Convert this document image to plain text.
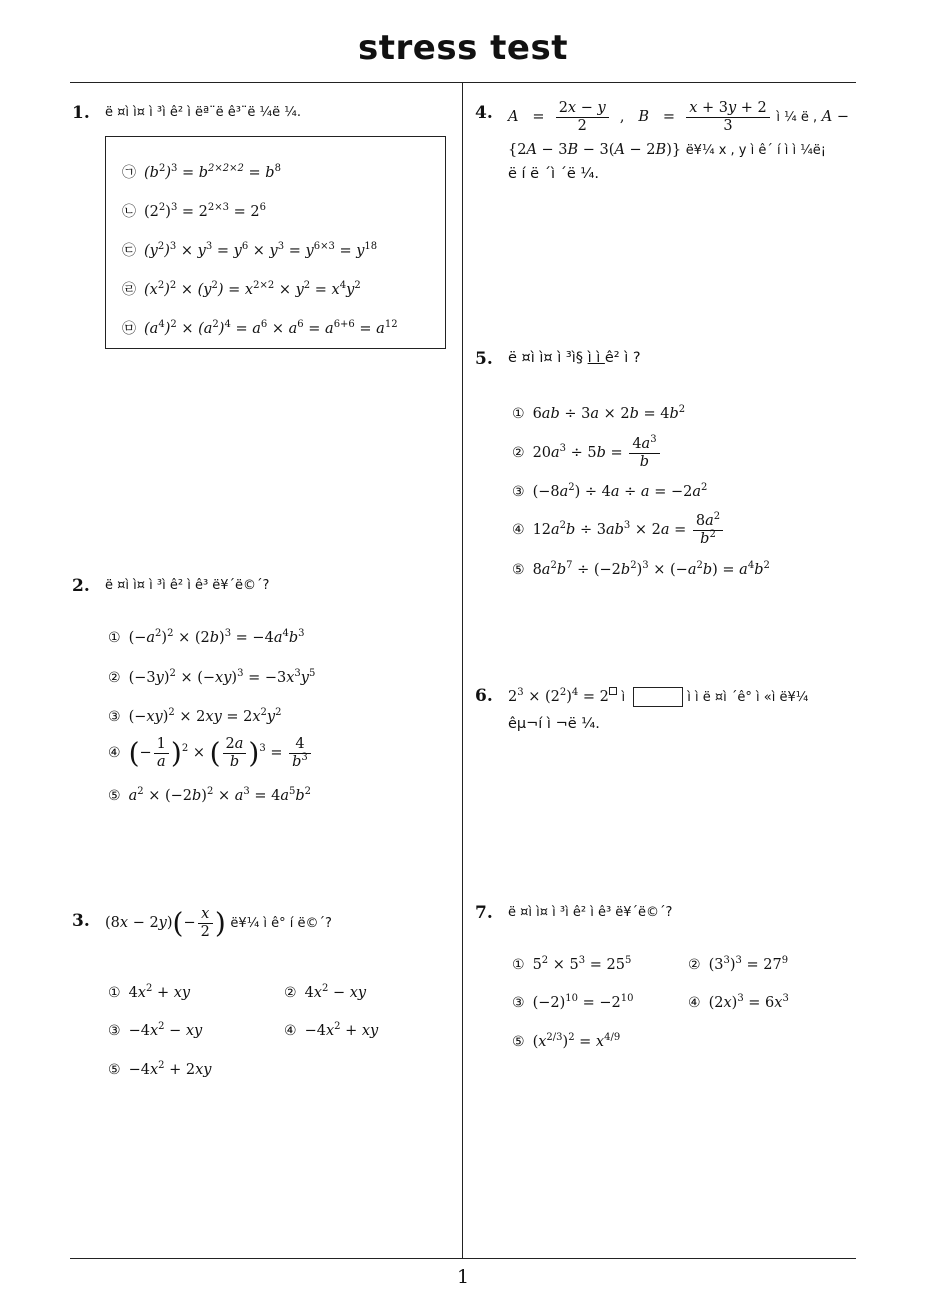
stress test
1
1. ë ¤ì ì¤ ì ³ì ê² ì ëª¨ë ê³¨ë ¼ë ¼.
㉠ $(b^2)^3 = b^{2\times 2\times 2} = b^8$
㉡ $(2^2)^3 = 2^{2\times 3} = 2^6$
㉢ $(y^2)^3 \times y^3 = y^6 \times y^3 = y^{6\times 3} = y^{18}$
㉣ $(x^2)^2 \times (y^2) = x^{2\times 2} \times y^2 = x^4y^2$
㉤ $(a^4)^2 \times (a^2)^4 = a^6 \times a^6 = a^{6+6} = a^{12}$
2. ë ¤ì ì¤ ì ³ì ê² ì ê³ ë¥´ë©´?
① $(-a^2)^2 \times (2b)^3 = -4a^4b^3$
② $(-3y)^2 \times (-xy)^3 = -3x^3y^5$
③ $(-xy)^2 \times 2xy = 2x^2y^2$
④ (− $\frac{1}{a} )^2$ × ( $\frac{2a}{b} )^3 = \frac{4}{b^3}$
⑤ $a^2 \times (-2b)^2 \times a^3 = 4a^5b^2$
3. $(8x - 2y)(- \frac{x}{2}$ ) ë¥¼ ì ê° í ë©´?
① $4x^2$ + xy	② $4x^2$ − xy
③ $-4x^2$ − xy	④ $-4x^2$ + xy
⑤ $-4x^2 + 2xy$
4. $A = \frac{2x - y}{2}$ ,   $B = \frac{x + 3y + 2}{3}$ ì ¼ ë , A −
{2A − 3B − 3(A − 2B)} ë¥¼ x , y ì ê´ í ì ì ¼ë¡
ë í ë ´ì ´ë ¼.
5. ë ¤ì ì¤ ì ³ì§ ì ì ê² ì ?
① $6ab \div 3a \times 2b = 4b^2$
② $20a^3 \div 5b = \frac{4a^3}{b}$
③ $(-8a^2) \div 4a \div a = -2a^2$
④ $12a^2b \div 3ab^3 \times 2a = \frac{8a^2}{b^2}$
⑤ $8a^2b^7 \div (-2b^2)^3 \times (-a^2b) = a^4b^2$
6. $2^3 \times (2^2)^4 = 2$ ì	ì ì ë ¤ì ´ê° ì «ì ë¥¼
êµ¬í ì ¬ë ¼.
7. ë ¤ì ì¤ ì ³ì ê² ì ê³ ë¥´ë©´?
① $5^2 \times 5^3 = 25^5$	② $(3^3)^3 = 27^9$
③ $(-2)^{10} = -2^{10}$	④ $(2x)^3 = 6x^3$
⑤ $(x^{2/3})^2 = x^{4/9}$
